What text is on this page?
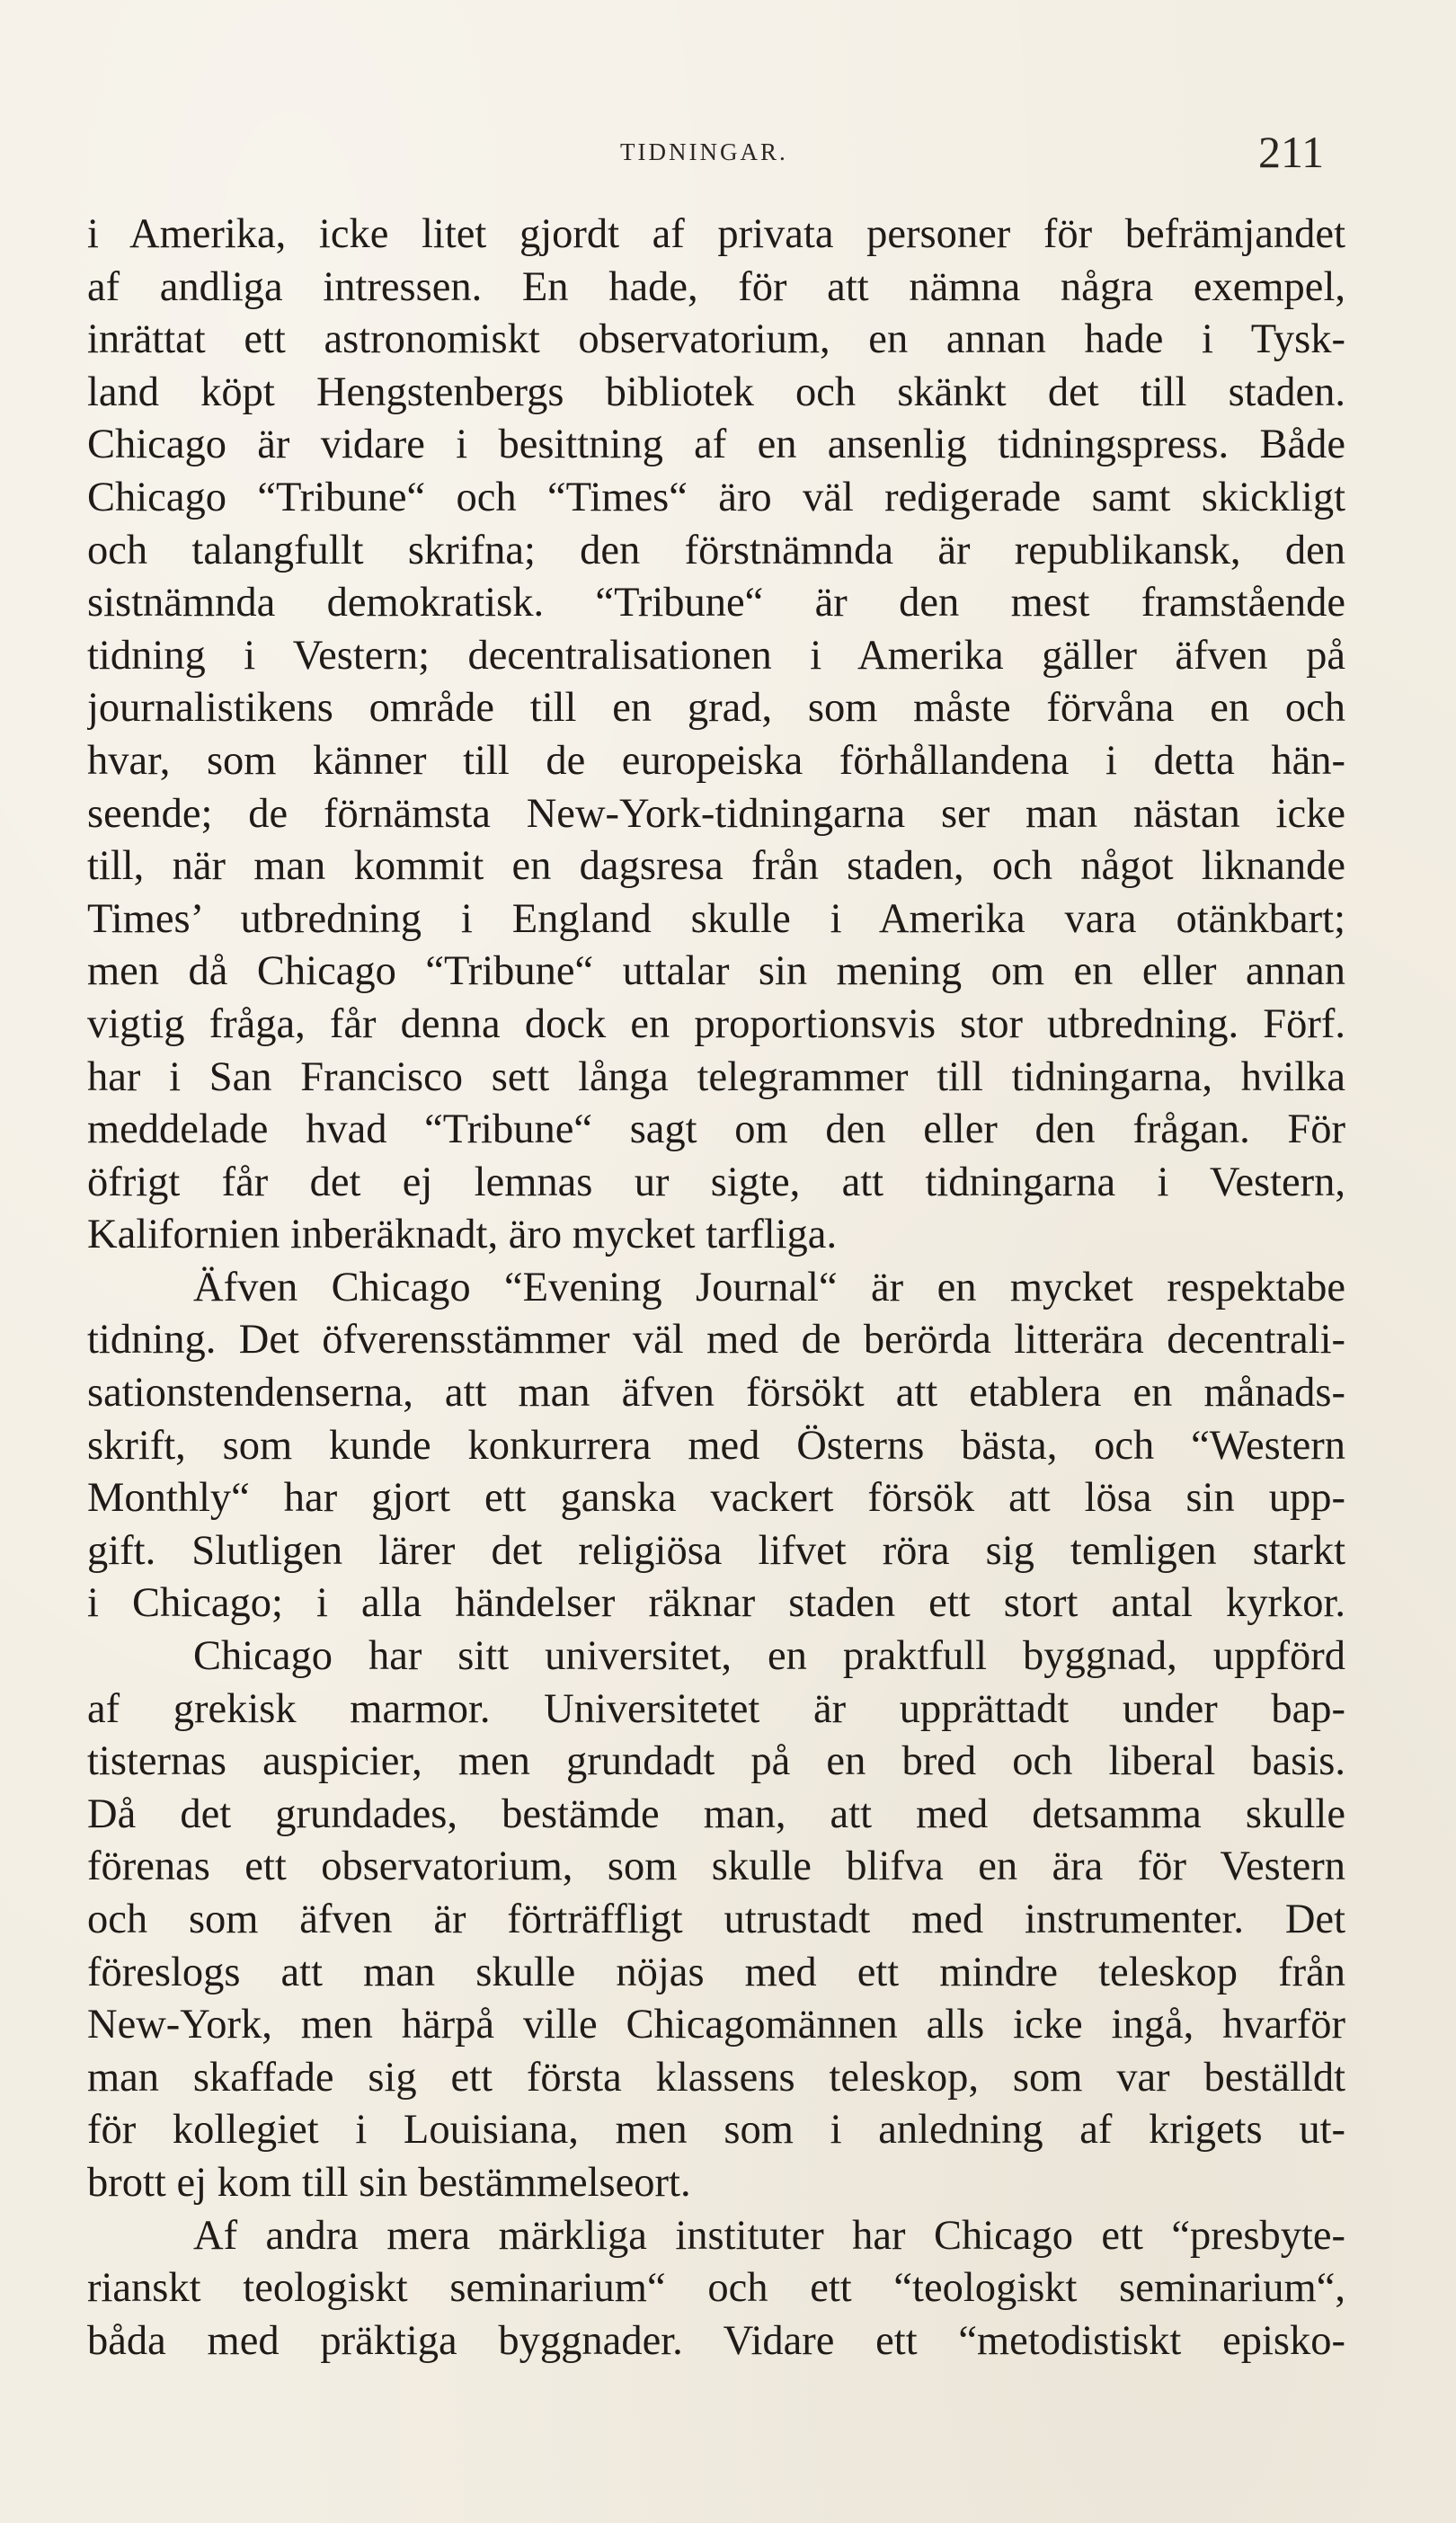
TIDNINGAR.	211
i Amerika, icke litet gjordt af privata personer för befrämjandet
af andliga intressen. En hade, för att nämna några exempel,
inrättat ett astronomiskt observatorium, en annan hade i Tysk-
land köpt Hengstenbergs bibliotek och skänkt det till staden.
Chicago är vidare i besittning af en ansenlig tidningspress. Både
Chicago “Tribune“ och “Times“ äro väl redigerade samt skickligt
och talangfullt skrifna; den förstnämnda är republikansk, den
sistnämnda demokratisk. “Tribune“ är den mest framstående
tidning i Vestern; decentralisationen i Amerika gäller äfven på
journalistikens område till en grad, som måste förvåna en och
hvar, som känner till de europeiska förhållandena i detta hän-
seende; de förnämsta New-York-tidningarna ser man nästan icke
till, när man kommit en dagsresa från staden, och något liknande
Times’ utbredning i England skulle i Amerika vara otänkbart;
men då Chicago “Tribune“ uttalar sin mening om en eller annan
vigtig fråga, får denna dock en proportionsvis stor utbredning. Förf.
har i San Francisco sett långa telegrammer till tidningarna, hvilka
meddelade hvad “Tribune“ sagt om den eller den frågan. För
öfrigt får det ej lemnas ur sigte, att tidningarna i Vestern,
Kalifornien inberäknadt, äro mycket tarfliga.
Äfven Chicago “Evening Journal“ är en mycket respektabe
tidning. Det öfverensstämmer väl med de berörda litterära decentrali-
sationstendenserna, att man äfven försökt att etablera en månads-
skrift, som kunde konkurrera med Österns bästa, och “Western
Monthly“ har gjort ett ganska vackert försök att lösa sin upp-
gift. Slutligen lärer det religiösa lifvet röra sig temligen starkt
i Chicago; i alla händelser räknar staden ett stort antal kyrkor.
Chicago har sitt universitet, en praktfull byggnad, uppförd
af grekisk marmor. Universitetet är upprättadt under bap-
tisternas auspicier, men grundadt på en bred och liberal basis.
Då det grundades, bestämde man, att med detsamma skulle
förenas ett observatorium, som skulle blifva en ära för Vestern
och som äfven är förträffligt utrustadt med instrumenter. Det
föreslogs att man skulle nöjas med ett mindre teleskop från
New-York, men härpå ville Chicagomännen alls icke ingå, hvarför
man skaffade sig ett första klassens teleskop, som var beställdt
för kollegiet i Louisiana, men som i anledning af krigets ut-
brott ej kom till sin bestämmelseort.
Af andra mera märkliga instituter har Chicago ett “presbyte-
rianskt teologiskt seminarium“ och ett “teologiskt seminarium“,
båda med präktiga byggnader. Vidare ett “metodistiskt episko-
